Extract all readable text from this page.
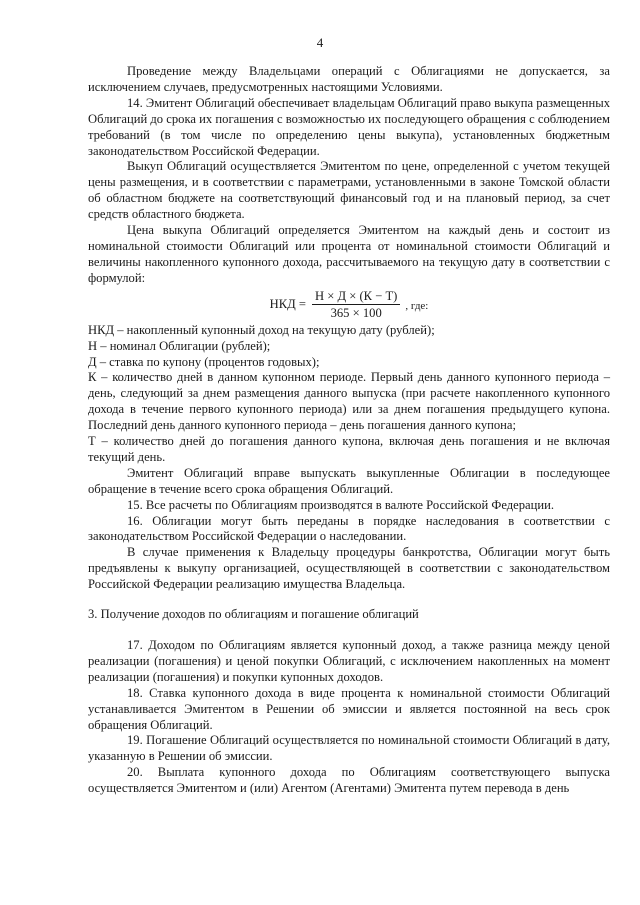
4

Проведение между Владельцами операций с Облигациями не допускается, за исключением случаев, предусмотренных настоящими Условиями.

14. Эмитент Облигаций обеспечивает владельцам Облигаций право выкупа размещенных Облигаций до срока их погашения с возможностью их последующего обращения с соблюдением требований (в том числе по определению цены выкупа), установленных бюджетным законодательством Российской Федерации.

Выкуп Облигаций осуществляется Эмитентом по цене, определенной с учетом текущей цены размещения, и в соответствии с параметрами, установленными в законе Томской области об областном бюджете на соответствующий финансовый год и на плановый период, за счет средств областного бюджета.

Цена выкупа Облигаций определяется Эмитентом на каждый день и состоит из номинальной стоимости Облигаций или процента от номинальной стоимости Облигаций и величины накопленного купонного дохода, рассчитываемого на текущую дату в соответствии с формулой:

НКД = $\frac{Н \times Д \times (К - Т)}{365 \times 100}$ , где:

НКД – накопленный купонный доход на текущую дату (рублей);

Н – номинал Облигации (рублей);

Д – ставка по купону (процентов годовых);

К – количество дней в данном купонном периоде. Первый день данного купонного периода – день, следующий за днем размещения данного выпуска (при расчете накопленного купонного дохода в течение первого купонного периода) или за днем погашения предыдущего купона. Последний день данного купонного периода – день погашения данного купона;

Т – количество дней до погашения данного купона, включая день погашения и не включая текущий день.

Эмитент Облигаций вправе выпускать выкупленные Облигации в последующее обращение в течение всего срока обращения Облигаций.

15. Все расчеты по Облигациям производятся в валюте Российской Федерации.

16. Облигации могут быть переданы в порядке наследования в соответствии с законодательством Российской Федерации о наследовании.

В случае применения к Владельцу процедуры банкротства, Облигации могут быть предъявлены к выкупу организацией, осуществляющей в соответствии с законодательством Российской Федерации реализацию имущества Владельца.

3. Получение доходов по облигациям и погашение облигаций

17. Доходом по Облигациям является купонный доход, а также разница между ценой реализации (погашения) и ценой покупки Облигаций, с исключением накопленных на момент реализации (погашения) и покупки купонных доходов.

18. Ставка купонного дохода в виде процента к номинальной стоимости Облигаций устанавливается Эмитентом в Решении об эмиссии и является постоянной на весь срок обращения Облигаций.

19. Погашение Облигаций осуществляется по номинальной стоимости Облигаций в дату, указанную в Решении об эмиссии.

20. Выплата купонного дохода по Облигациям соответствующего выпуска осуществляется Эмитентом и (или) Агентом (Агентами) Эмитента путем перевода в день
